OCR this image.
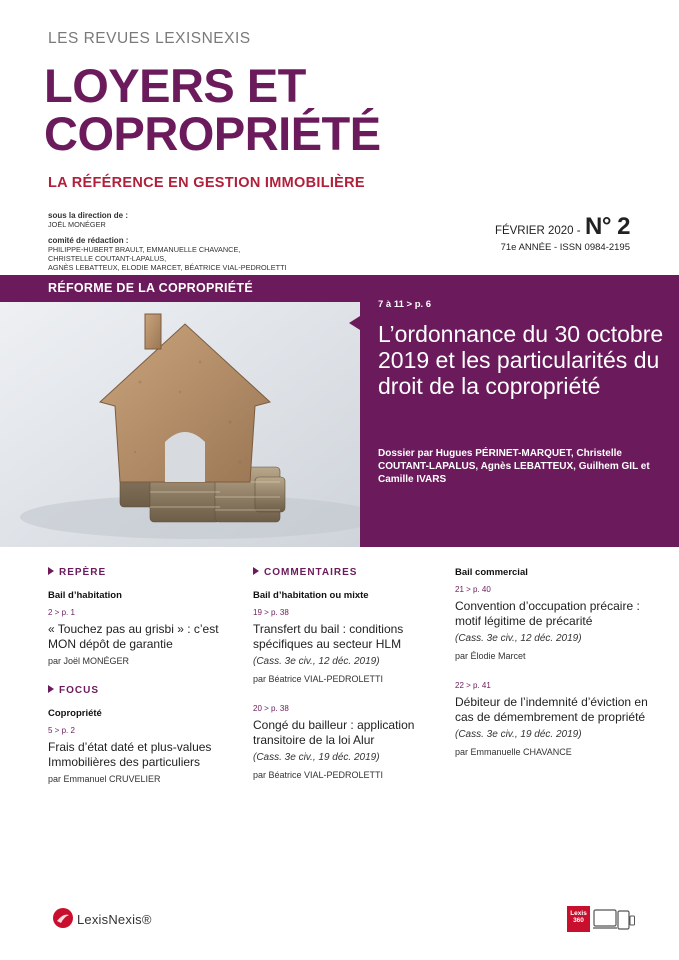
LES REVUES LEXISNEXIS
LOYERS ET
COPROPRIÉTÉ
LA RÉFÉRENCE EN GESTION IMMOBILIÈRE
sous la direction de :
JOËL MONÉGER
comité de rédaction :
PHILIPPE-HUBERT BRAULT, EMMANUELLE CHAVANCE,
CHRISTELLE COUTANT-LAPALUS,
AGNÈS LEBATTEUX, ELODIE MARCET, BÉATRICE VIAL-PEDROLETTI
FÉVRIER 2020 - N° 2
71e ANNÉE - ISSN 0984-2195
RÉFORME DE LA COPROPRIÉTÉ
7 à 11 > p. 6
L’ordonnance du 30 octobre 2019 et les particularités du droit de la copropriété
Dossier par Hugues PÉRINET-MARQUET, Christelle COUTANT-LAPALUS, Agnès LEBATTEUX, Guilhem GIL et Camille IVARS
REPÈRE
Bail d’habitation
2 > p. 1
« Touchez pas au grisbi » : c’est MON dépôt de garantie
par Joël MONÉGER
FOCUS
Copropriété
5 > p. 2
Frais d’état daté et plus-values Immobilières des particuliers
par Emmanuel CRUVELIER
COMMENTAIRES
Bail d’habitation ou mixte
19 > p. 38
Transfert du bail : conditions spécifiques au secteur HLM
(Cass. 3e civ., 12 déc. 2019)
par Béatrice VIAL-PEDROLETTI
20 > p. 38
Congé du bailleur : application transitoire de la loi Alur
(Cass. 3e civ., 19 déc. 2019)
par Béatrice VIAL-PEDROLETTI
Bail commercial
21 > p. 40
Convention d’occupation précaire : motif légitime de précarité
(Cass. 3e civ., 12 déc. 2019)
par Élodie Marcet
22 > p. 41
Débiteur de l’indemnité d’éviction en cas de démembrement de propriété
(Cass. 3e civ., 19 déc. 2019)
par Emmanuelle CHAVANCE
LexisNexis®	Lexis 360
